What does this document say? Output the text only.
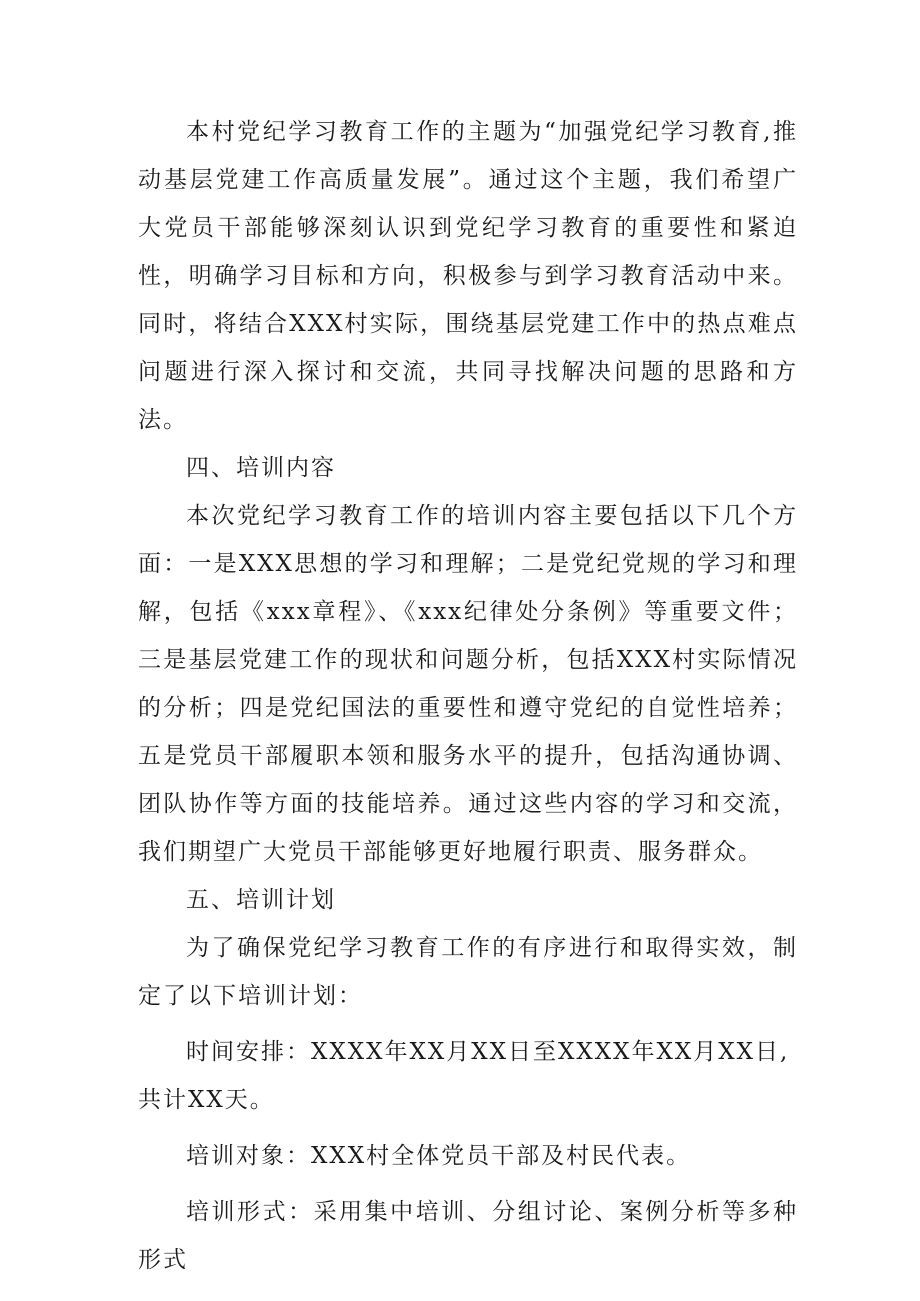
本村党纪学习教育工作的主题为“加强党纪学习教育,推动基层党建工作高质量发展”。通过这个主题，我们希望广大党员干部能够深刻认识到党纪学习教育的重要性和紧迫性，明确学习目标和方向，积极参与到学习教育活动中来。同时，将结合XXX村实际，围绕基层党建工作中的热点难点问题进行深入探讨和交流，共同寻找解决问题的思路和方法。

四、培训内容

本次党纪学习教育工作的培训内容主要包括以下几个方面：一是XXX思想的学习和理解；二是党纪党规的学习和理解，包括《xxx章程》、《xxx纪律处分条例》等重要文件；三是基层党建工作的现状和问题分析，包括XXX村实际情况的分析；四是党纪国法的重要性和遵守党纪的自觉性培养；五是党员干部履职本领和服务水平的提升，包括沟通协调、团队协作等方面的技能培养。通过这些内容的学习和交流，我们期望广大党员干部能够更好地履行职责、服务群众。

五、培训计划

为了确保党纪学习教育工作的有序进行和取得实效，制定了以下培训计划：

时间安排：XXXX年XX月XX日至XXXX年XX月XX日,
共计XX天。

培训对象：XXX村全体党员干部及村民代表。

培训形式：采用集中培训、分组讨论、案例分析等多种形式
